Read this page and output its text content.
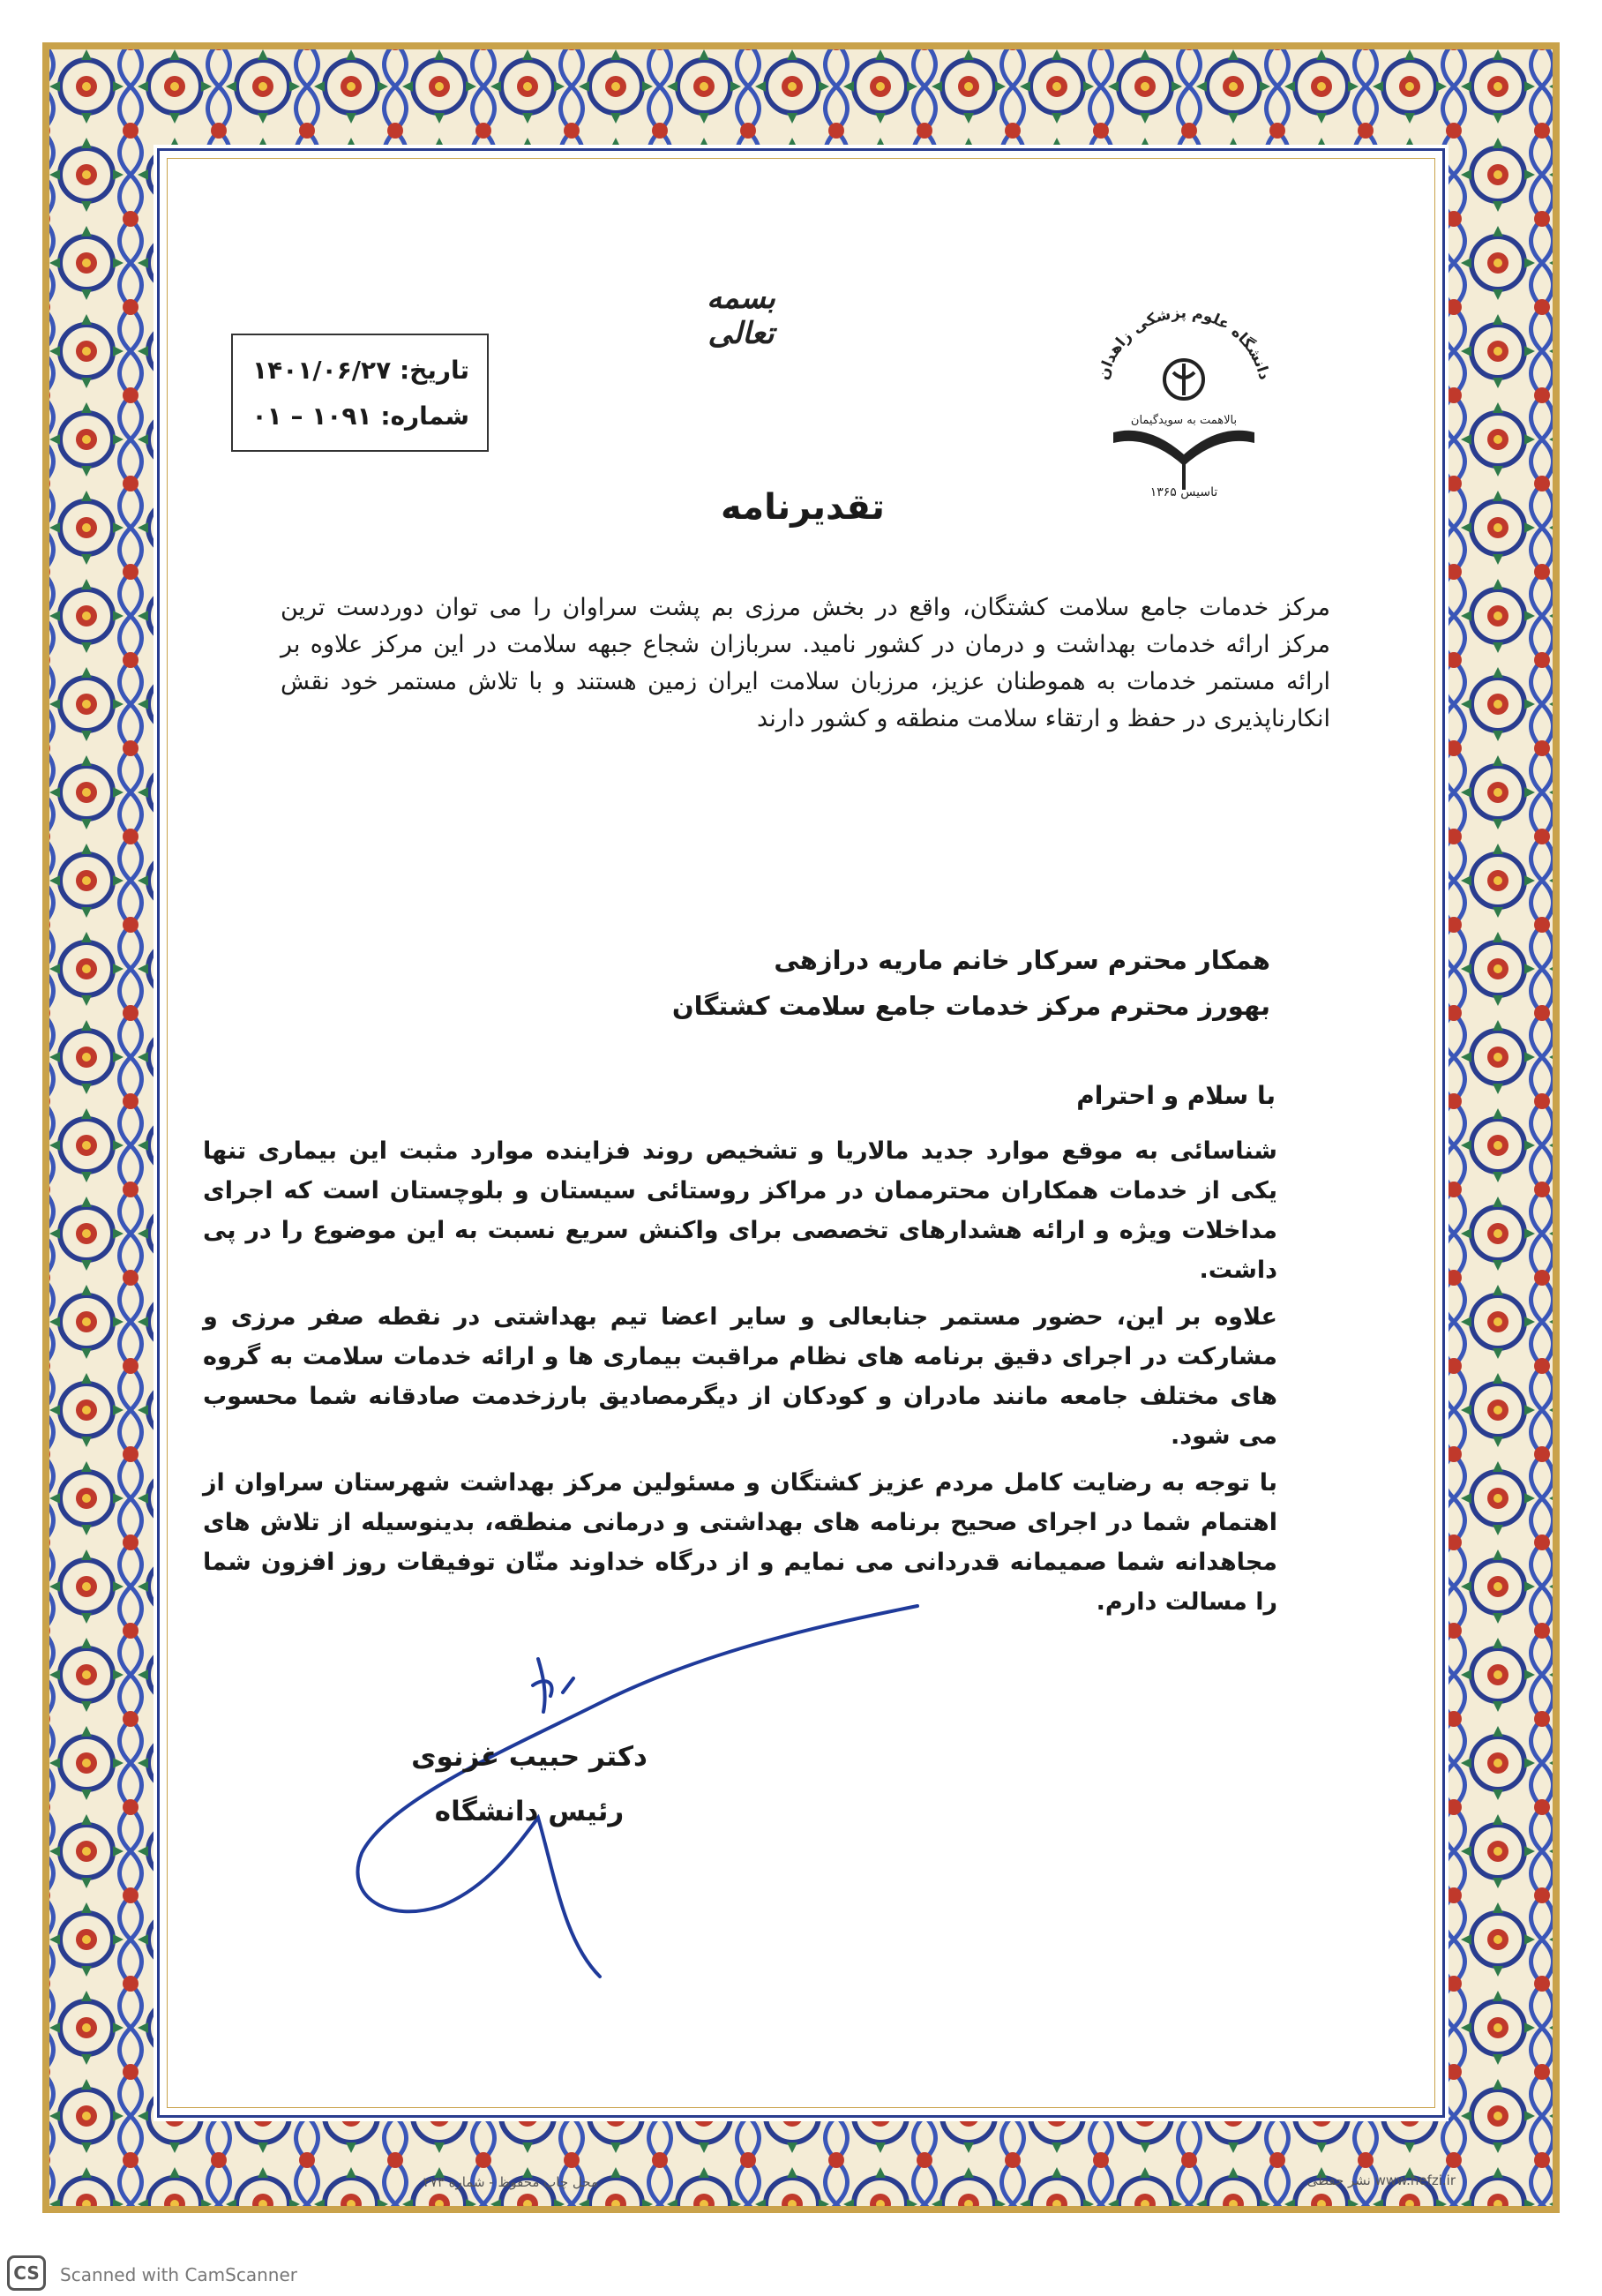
بسمه تعالی
تاریخ: ۱۴۰۱/۰۶/۲۷
شماره: ۱۰۹۱ – ۰۱
دانشگاه علوم پزشکی زاهدان
بالاهمت به سویدگیمان
تاسیس ۱۳۶۵
تقدیرنامه
مرکز خدمات جامع سلامت کشتگان، واقع در بخش مرزی بم پشت سراوان را می توان دوردست ترین مرکز ارائه خدمات بهداشت و درمان در کشور نامید. سربازان شجاع جبهه سلامت در این مرکز علاوه بر ارائه مستمر خدمات به هموطنان عزیز، مرزبان سلامت ایران زمین هستند و با تلاش مستمر خود نقش انکارناپذیری در حفظ و ارتقاء سلامت منطقه و کشور دارند
همکار محترم سرکار خانم ماریه درازهی
بهورز محترم مرکز خدمات جامع سلامت کشتگان
با سلام و احترام

شناسائی به موقع موارد جدید مالاریا و تشخیص روند فزاینده موارد مثبت این بیماری تنها یکی از خدمات همکاران محترممان در مراکز روستائی سیستان و بلوچستان است که اجرای مداخلات ویژه و ارائه هشدارهای تخصصی برای واکنش سریع نسبت به این موضوع را در پی داشت.

علاوه بر این، حضور مستمر جنابعالی و سایر اعضا تیم بهداشتی در نقطه صفر مرزی و مشارکت در اجرای دقیق برنامه های نظام مراقبت بیماری ها و ارائه خدمات سلامت به گروه های مختلف جامعه مانند مادران و کودکان از دیگرمصادیق بارزخدمت صادقانه شما محسوب می شود.

با توجه به رضایت کامل مردم عزیز کشتگان و مسئولین مرکز بهداشت شهرستان سراوان از اهتمام شما در اجرای صحیح برنامه های بهداشتی و درمانی منطقه، بدینوسیله از تلاش های مجاهدانه شما صمیمانه قدردانی می نمایم و از درگاه خداوند منّان توفیقات روز افزون شما را مسالت دارم.

دکتر حبیب غزنوی
رئیس دانشگاه
محل چاپ محفوظ - شماره ۲۷۳	www.hefzi.ir نشر حفظی
CS	Scanned with CamScanner
